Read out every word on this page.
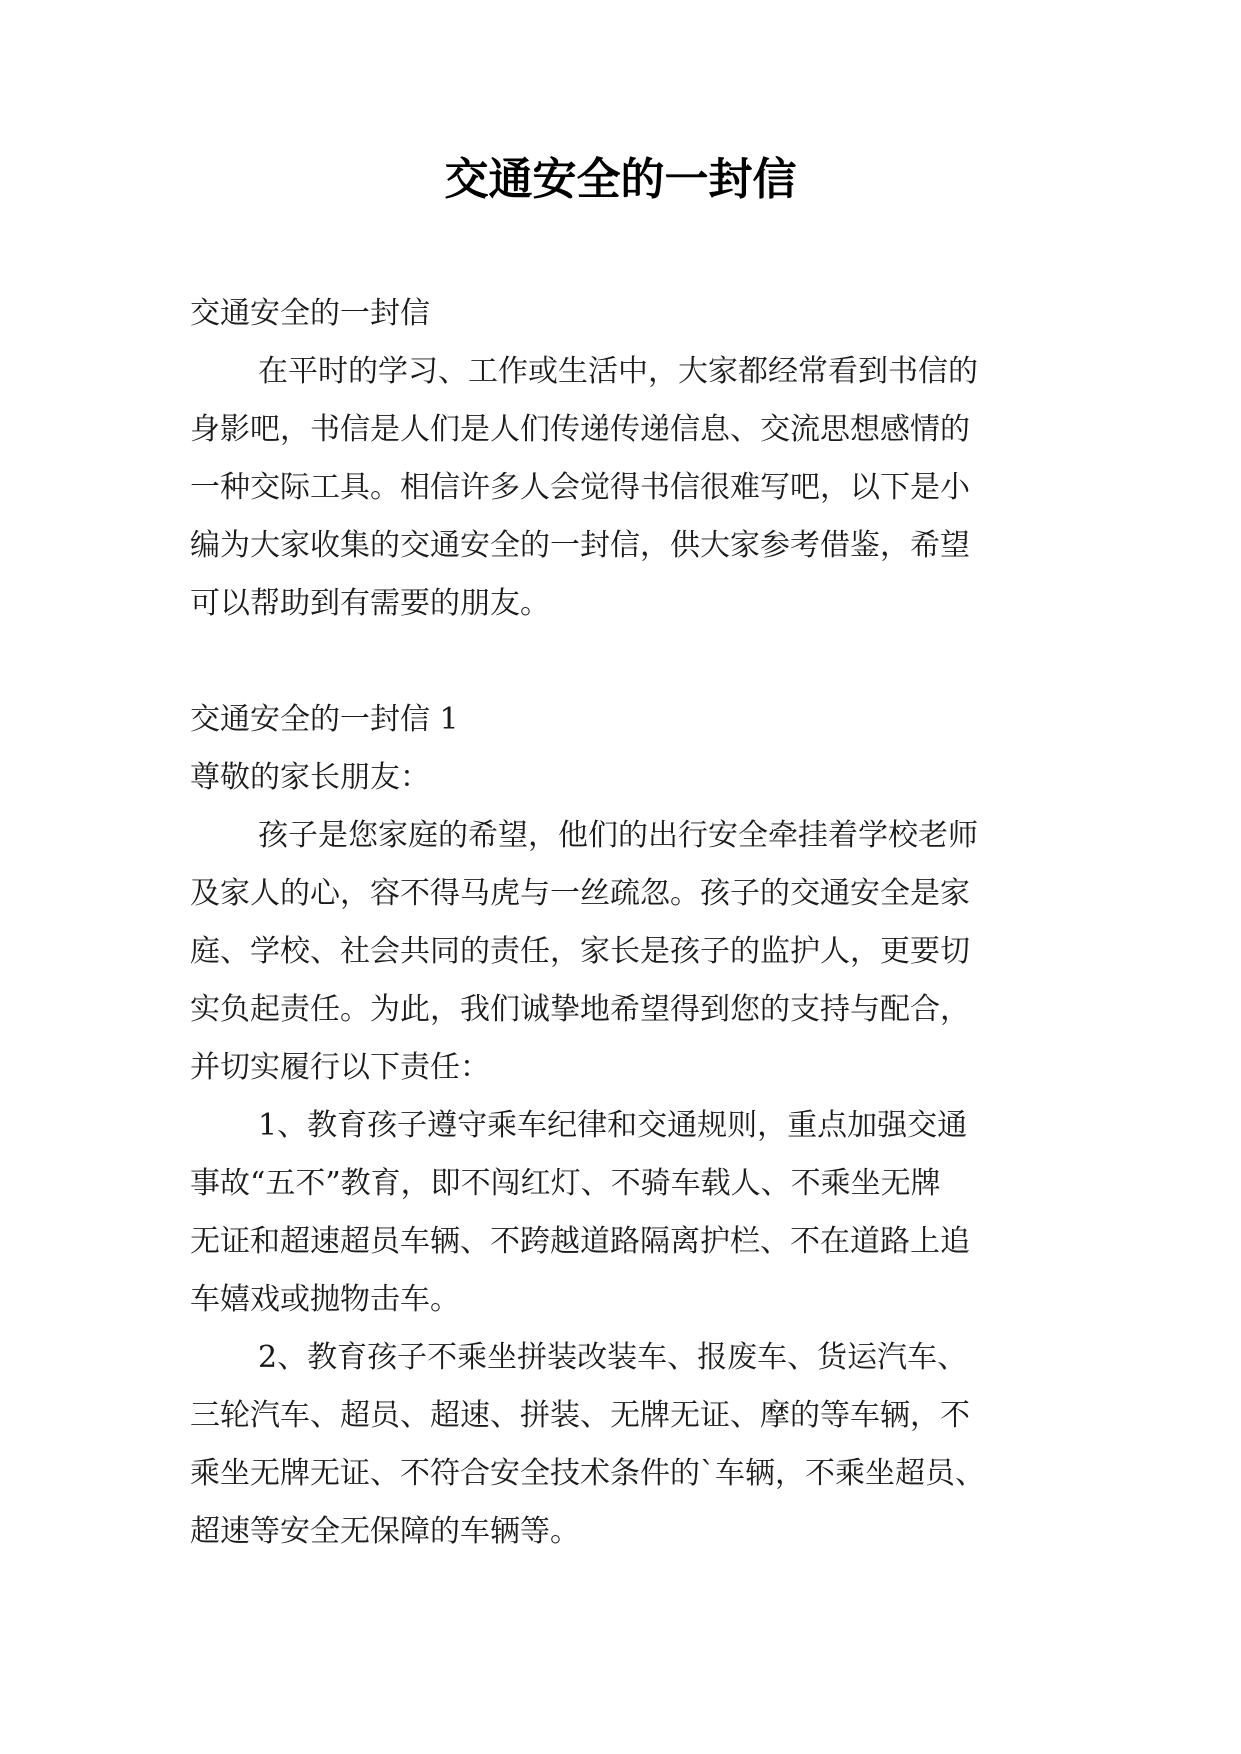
交通安全的一封信
交通安全的一封信
在平时的学习、工作或生活中，大家都经常看到书信的
身影吧，书信是人们是人们传递传递信息、交流思想感情的
一种交际工具。相信许多人会觉得书信很难写吧，以下是小
编为大家收集的交通安全的一封信，供大家参考借鉴，希望
可以帮助到有需要的朋友。
交通安全的一封信 1
尊敬的家长朋友：
孩子是您家庭的希望，他们的出行安全牵挂着学校老师
及家人的心，容不得马虎与一丝疏忽。孩子的交通安全是家
庭、学校、社会共同的责任，家长是孩子的监护人，更要切
实负起责任。为此，我们诚挚地希望得到您的支持与配合，
并切实履行以下责任：
1、教育孩子遵守乘车纪律和交通规则，重点加强交通
事故“五不”教育，即不闯红灯、不骑车载人、不乘坐无牌
无证和超速超员车辆、不跨越道路隔离护栏、不在道路上追
车嬉戏或抛物击车。
2、教育孩子不乘坐拼装改装车、报废车、货运汽车、
三轮汽车、超员、超速、拼装、无牌无证、摩的等车辆，不
乘坐无牌无证、不符合安全技术条件的`车辆，不乘坐超员、
超速等安全无保障的车辆等。
